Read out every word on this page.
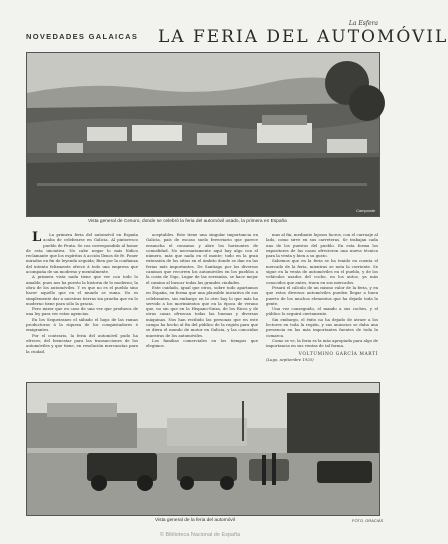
La Esfera
NOVEDADES GALAICAS LA FERIA DEL AUTOMÓVIL
Camponáir
Vista general de Cesuro, donde se celebró la feria del automóvil usado, la primera en España

L La primera feria del automóvil en España acaba de celebrarse en Galicia. Al pintoresco pueblo de Peuta. Se coa correspondido al honor de esta iniciativa. No cabe negar lo más lúdico reclamante que los espíritus á acción llenos de fé. Poner miradas en fin de leyenda seguida; Bien por la confianza del intento felizmente ofrece á todo una empresa que acompaña de un moderno y mentalmente.

A primera vista nada tiene que ver con todo lo amable, pues nos ha puesto la historia de lo moderno; la obra de los automóviles. Y es que no es el pueblo sino hacer aquello que en el mundo se suma. No es simplemente dar a nuestras tierras sin prueba que en lo moderno tiene para sólo la gracia.

Pero mirar que en caso de una vez que produzca de una ley para ver estas agencias.

En los Sequeiranes el sábado el haya de las ramas productoras á la riqueza de los conquistadores é emigrantes.

Por el contrario, la feria del automóvil pudo ha ofrecer, del bienestar para las transacciones de los automóviles y que tiene, en resolución mercancías para la ciudad.

aceptables. Este tiene una singular importancia en Galicia, país de escaso suelo ferroviario que parece ensancha el consumo y abre los horizontes de comodidad. No necesariamente aquí hay algo con el número, más que nada en el monte; todo en la gran extensión de los sitios en el ámbito donde se dan en las ferias más importantes. De Santiago por los diversos caminos que recorren los automóviles en los pueblos a la costa de Vigo, Lugar de las serranías, se hace mejor el camino al buscar todas las grandes ciudades.

Este cuidado, igual que otros, sobre todo apartamos en España, en forma que una plausible iniciativa de sus celebrantes, sin embargo en lo otro hay lo que más ha servido a los movimientos que en la época de verano que, no sin que en la Hispano-Suiza, de los Ricos y de otras casas ofrezcan todas las buenas y diversas máquinas. Nos han recibido las personas que en este campo ha hecho al fin del público de la región para que se diera el mundo de motor en Galicia, y las conocidas muestras de los automóviles.

Los familias comerciales en los tiempos que elegimos.

mas al fin, mediante lujosos lucros, con el carruaje al lado, como sirve en sus carreteras. Se trabajan cada uno de los puestos del pueblo. En esta forma los expositores de las casas ofrecieron una nueva técnica para la venta y bien a su gusto.

Sabemos que en la feria se ha tenido en cuenta el mercado de la feria, mientras se nota la corriente. Se sigue en la venta de automóviles en el pueblo, y de los vehículos usados del coche, en los autos, ya más conocidos que antes, traen en sus mercados.

Pesará el cálculo de un mismo valor de la feria, y en que estos diversos automóviles pueden llegar a buen puerto de los muchos elementos que ha dejado toda la gente.

Una vez conseguido, el mando a sus coches, y el público lo seguirá ciertamente.

Sin embargo, el éxito no ha dejado de atraer a los lectores en toda la región, y sus anuncios se daba una presencia en las más importantes fuentes de toda la comarca.

Como se ve, la feria es la más apropiada para algo de importancia en sus ventas de tal forma.

VOLTUMINO GARCÍA MARTÍ
(Lugo, septiembre 1925)
Vista general de la feria del automóvil	FOTO. GRACIÁS
© Biblioteca Nacional de España
